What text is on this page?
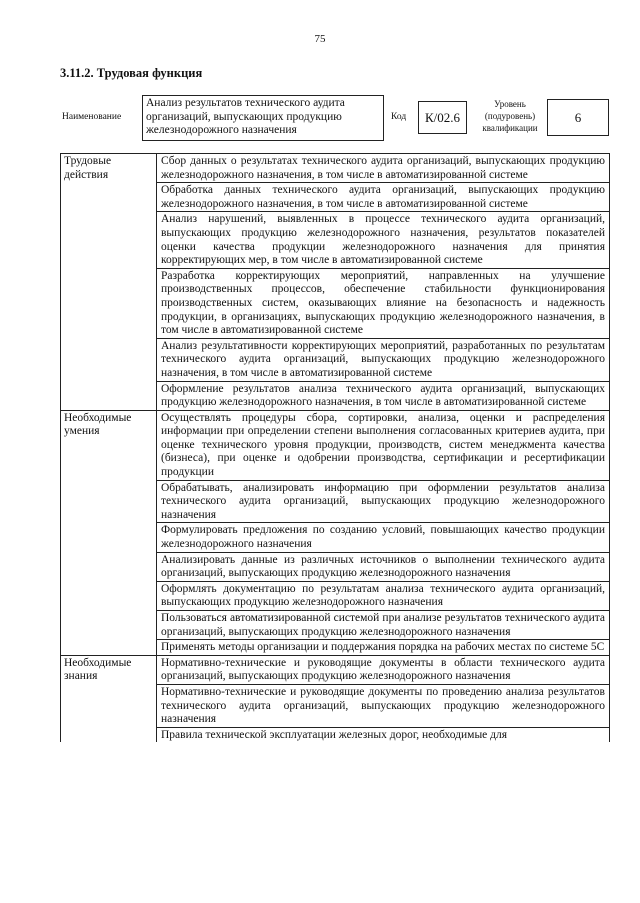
75
3.11.2. Трудовая функция
Наименование
Анализ результатов технического аудита организаций, выпускающих продукцию железнодорожного назначения
Код	К/02.6
Уровень (подуровень) квалификации
6
Трудовые действия	Сбор данных о результатах технического аудита организаций, выпускающих продукцию железнодорожного назначения, в том числе в автоматизированной системе
	Обработка данных технического аудита организаций, выпускающих продукцию железнодорожного назначения, в том числе в автоматизированной системе
	Анализ нарушений, выявленных в процессе технического аудита организаций, выпускающих продукцию железнодорожного назначения, результатов показателей оценки качества продукции железнодорожного назначения для принятия корректирующих мер, в том числе в автоматизированной системе
	Разработка корректирующих мероприятий, направленных на улучшение производственных процессов, обеспечение стабильности функционирования производственных систем, оказывающих влияние на безопасность и надежность продукции, в организациях, выпускающих продукцию железнодорожного назначения, в том числе в автоматизированной системе
	Анализ результативности корректирующих мероприятий, разработанных по результатам технического аудита организаций, выпускающих продукцию железнодорожного назначения, в том числе в автоматизированной системе
	Оформление результатов анализа технического аудита организаций, выпускающих продукцию железнодорожного назначения, в том числе в автоматизированной системе
Необходимые умения	Осуществлять процедуры сбора, сортировки, анализа, оценки и распределения информации при определении степени выполнения согласованных критериев аудита, при оценке технического уровня продукции, производств, систем менеджмента качества (бизнеса), при оценке и одобрении производства, сертификации и ресертификации продукции
	Обрабатывать, анализировать информацию при оформлении результатов анализа технического аудита организаций, выпускающих продукцию железнодорожного назначения
	Формулировать предложения по созданию условий, повышающих качество продукции железнодорожного назначения
	Анализировать данные из различных источников о выполнении технического аудита организаций, выпускающих продукцию железнодорожного назначения
	Оформлять документацию по результатам анализа технического аудита организаций, выпускающих продукцию железнодорожного назначения
	Пользоваться автоматизированной системой при анализе результатов технического аудита организаций, выпускающих продукцию железнодорожного назначения
	Применять методы организации и поддержания порядка на рабочих местах по системе 5С
Необходимые знания	Нормативно-технические и руководящие документы в области технического аудита организаций, выпускающих продукцию железнодорожного назначения
	Нормативно-технические и руководящие документы по проведению анализа результатов технического аудита организаций, выпускающих продукцию железнодорожного назначения
	Правила технической эксплуатации железных дорог, необходимые для
